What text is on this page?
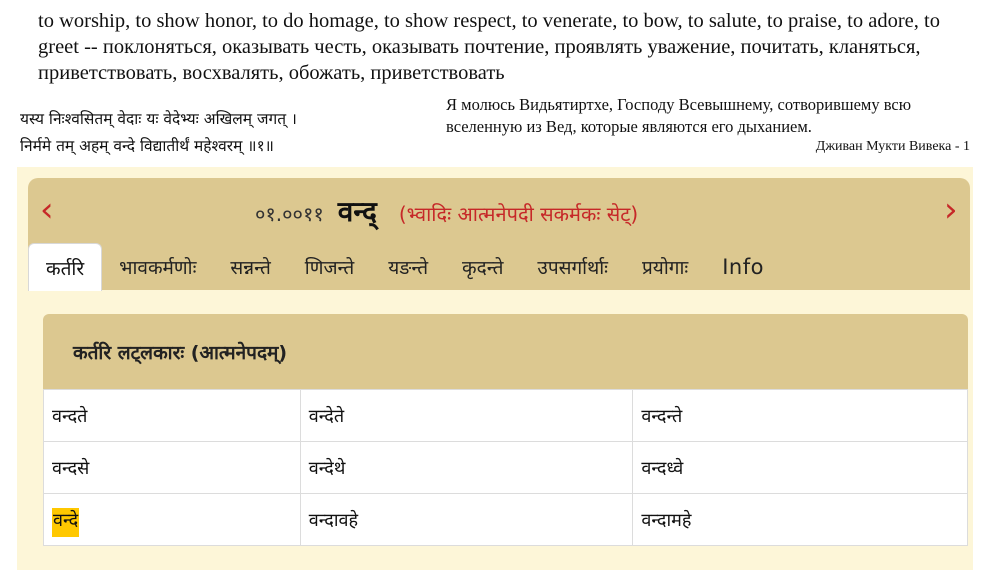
to worship, to show honor, to do homage, to show respect, to venerate, to bow, to salute, to praise, to adore, to greet -- поклоняться, оказывать честь, оказывать почтение, проявлять уважение, почитать, кланяться, приветствовать, восхвалять, обожать, приветствовать
यस्य निःश्वसितम् वेदाः यः वेदेभ्यः अखिलम् जगत् ।
निर्ममे तम् अहम् वन्दे विद्यातीर्थं महेश्वरम् ॥१॥
Я молюсь Видьятиртхе, Господу Всевышнему, сотворившему всю вселенную из Вед, которые являются его дыханием.
Дживан Мукти Вивека - 1
‹	›
०१.००११ वन्द् (भ्वादिः आत्मनेपदी सकर्मकः सेट्)
कर्तरि	भावकर्मणोः	सन्नन्ते	णिजन्ते	यङन्ते	कृदन्ते	उपसर्गार्थाः	प्रयोगाः	Info
कर्तरि लट्लकारः (आत्मनेपदम्)
वन्दते	वन्देते	वन्दन्ते
वन्दसे	वन्देथे	वन्दध्वे
वन्दे	वन्दावहे	वन्दामहे
